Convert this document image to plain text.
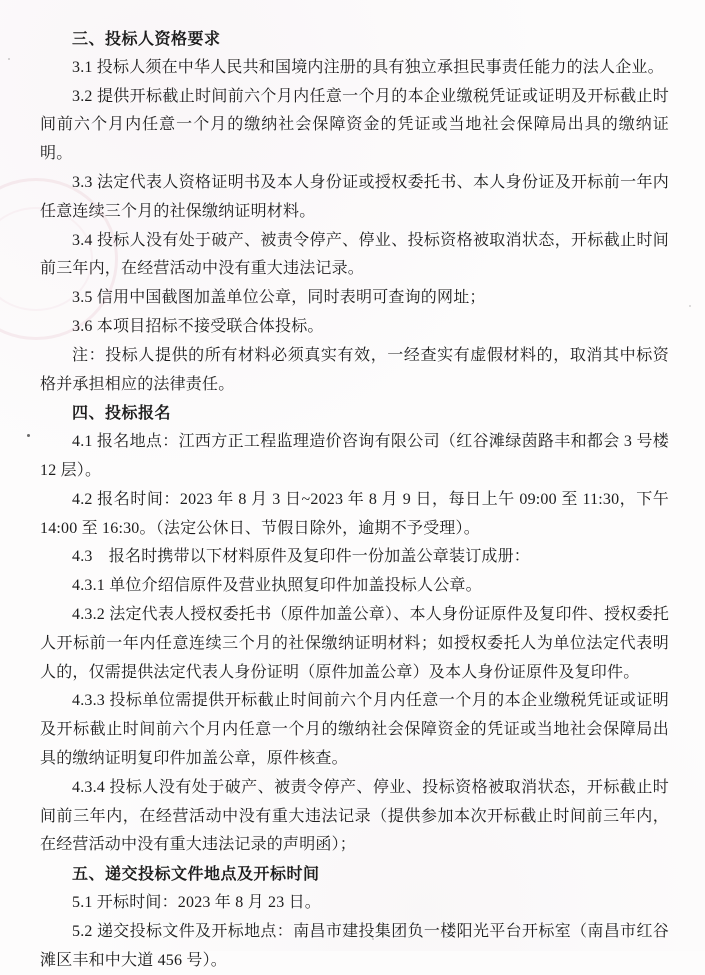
三、投标人资格要求

3.1 投标人须在中华人民共和国境内注册的具有独立承担民事责任能力的法人企业。

3.2 提供开标截止时间前六个月内任意一个月的本企业缴税凭证或证明及开标截止时间前六个月内任意一个月的缴纳社会保障资金的凭证或当地社会保障局出具的缴纳证明。

3.3 法定代表人资格证明书及本人身份证或授权委托书、本人身份证及开标前一年内任意连续三个月的社保缴纳证明材料。

3.4 投标人没有处于破产、被责令停产、停业、投标资格被取消状态，开标截止时间前三年内，在经营活动中没有重大违法记录。

3.5 信用中国截图加盖单位公章，同时表明可查询的网址；

3.6 本项目招标不接受联合体投标。

注：投标人提供的所有材料必须真实有效，一经查实有虚假材料的，取消其中标资格并承担相应的法律责任。

四、投标报名

4.1 报名地点：江西方正工程监理造价咨询有限公司（红谷滩绿茵路丰和都会 3 号楼 12 层）。

4.2 报名时间：2023 年 8 月 3 日~2023 年 8 月 9 日，每日上午 09:00 至 11:30，下午 14:00 至 16:30。（法定公休日、节假日除外，逾期不予受理）。

4.3　报名时携带以下材料原件及复印件一份加盖公章装订成册：

4.3.1 单位介绍信原件及营业执照复印件加盖投标人公章。

4.3.2 法定代表人授权委托书（原件加盖公章）、本人身份证原件及复印件、授权委托人开标前一年内任意连续三个月的社保缴纳证明材料；如授权委托人为单位法定代表明人的，仅需提供法定代表人身份证明（原件加盖公章）及本人身份证原件及复印件。

4.3.3 投标单位需提供开标截止时间前六个月内任意一个月的本企业缴税凭证或证明及开标截止时间前六个月内任意一个月的缴纳社会保障资金的凭证或当地社会保障局出具的缴纳证明复印件加盖公章，原件核查。

4.3.4 投标人没有处于破产、被责令停产、停业、投标资格被取消状态，开标截止时间前三年内，在经营活动中没有重大违法记录（提供参加本次开标截止时间前三年内，在经营活动中没有重大违法记录的声明函）；

五、递交投标文件地点及开标时间

5.1 开标时间：2023 年 8 月 23 日。

5.2 递交投标文件及开标地点：南昌市建投集团负一楼阳光平台开标室（南昌市红谷滩区丰和中大道 456 号）。
